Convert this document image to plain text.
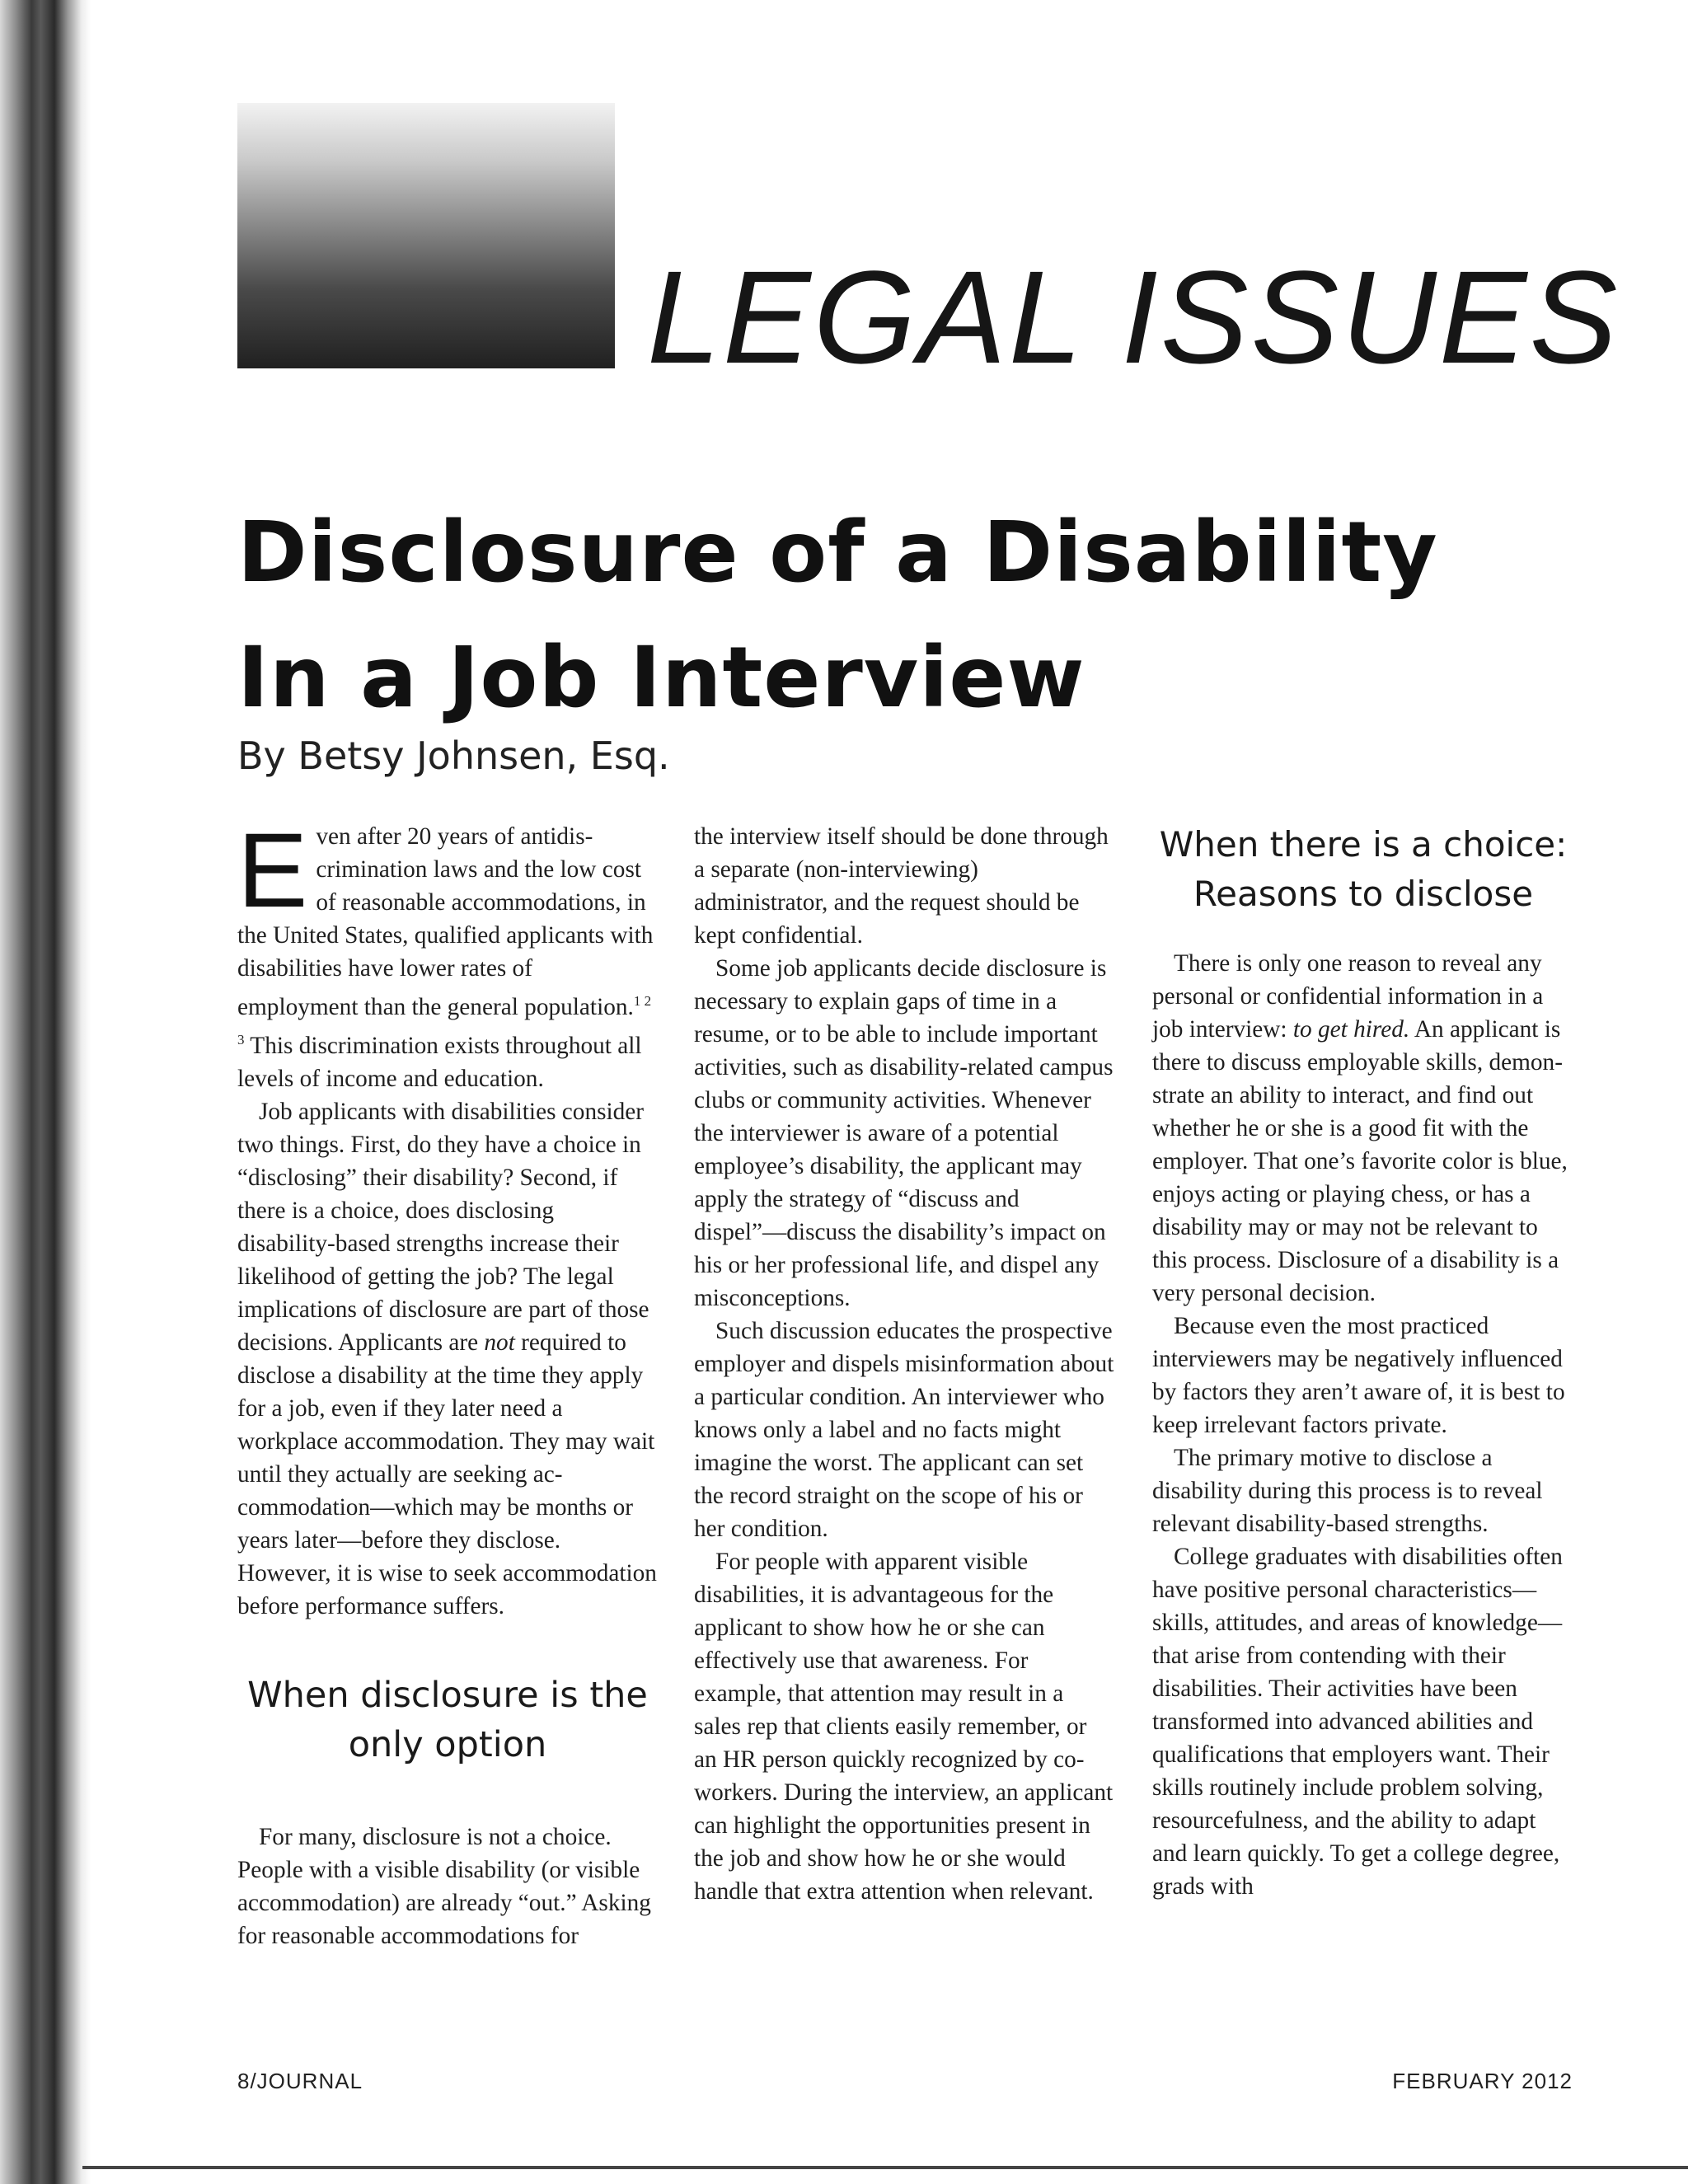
LEGAL ISSUES
Disclosure of a Disability
In a Job Interview

By Betsy Johnsen, Esq.

Even after 20 years of antidiscrimination laws and the low cost of reasonable accommodations, in the United States, qualified applicants with disabilities have lower rates of employment than the general population.$^{1 2 3}$ This discrimination exists throughout all levels of income and education.

Job applicants with disabilities consider two things. First, do they have a choice in “disclosing” their disability? Second, if there is a choice, does disclosing disability-based strengths increase their likelihood of getting the job? The legal implications of disclosure are part of those decisions. Applicants are not required to disclose a disability at the time they apply for a job, even if they later need a workplace accommodation. They may wait until they actually are seeking accommodation—which may be months or years later—before they disclose. However, it is wise to seek accommodation before performance suffers.

When disclosure is the only option

For many, disclosure is not a choice. People with a visible disability (or visible accommodation) are already “out.” Asking for reasonable accommodations for

the interview itself should be done through a separate (non-interviewing) administrator, and the request should be kept confidential.

Some job applicants decide disclosure is necessary to explain gaps of time in a resume, or to be able to include important activities, such as disability-related campus clubs or community activities. Whenever the interviewer is aware of a potential employee’s disability, the applicant may apply the strategy of “discuss and dispel”—discuss the disability’s impact on his or her professional life, and dispel any misconceptions.

Such discussion educates the prospective employer and dispels misinformation about a particular condition. An interviewer who knows only a label and no facts might imagine the worst. The applicant can set the record straight on the scope of his or her condition.

For people with apparent visible disabilities, it is advantageous for the applicant to show how he or she can effectively use that awareness. For example, that attention may result in a sales rep that clients easily remember, or an HR person quickly recognized by co-workers. During the interview, an applicant can highlight the opportunities present in the job and show how he or she would handle that extra attention when relevant.

When there is a choice: Reasons to disclose

There is only one reason to reveal any personal or confidential information in a job interview: to get hired. An applicant is there to discuss employable skills, demonstrate an ability to interact, and find out whether he or she is a good fit with the employer. That one’s favorite color is blue, enjoys acting or playing chess, or has a disability may or may not be relevant to this process. Disclosure of a disability is a very personal decision.

Because even the most practiced interviewers may be negatively influenced by factors they aren’t aware of, it is best to keep irrelevant factors private.

The primary motive to disclose a disability during this process is to reveal relevant disability-based strengths.

College graduates with disabilities often have positive personal characteristics—skills, attitudes, and areas of knowledge—that arise from contending with their disabilities. Their activities have been transformed into advanced abilities and qualifications that employers want. Their skills routinely include problem solving, resourcefulness, and the ability to adapt and learn quickly. To get a college degree, grads with

8/JOURNAL	FEBRUARY 2012
